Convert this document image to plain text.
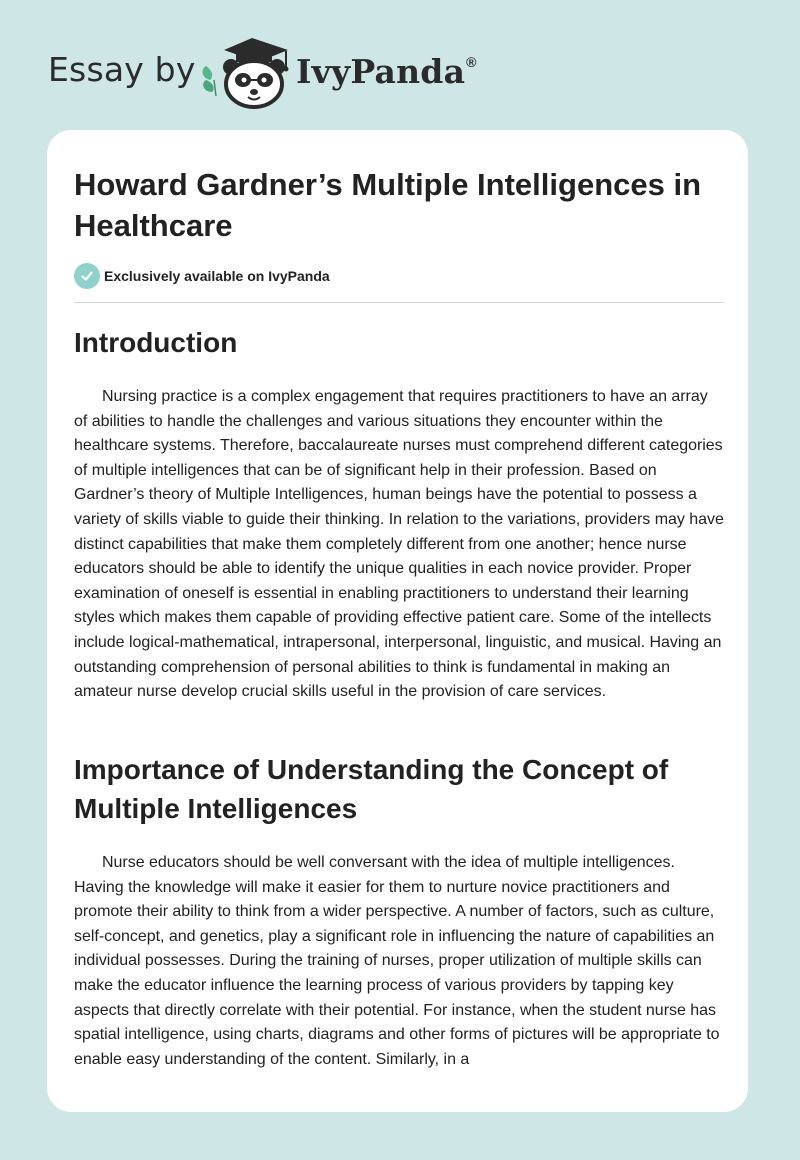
Essay by	IvyPanda®
Howard Gardner’s Multiple Intelligences in Healthcare
Exclusively available on IvyPanda
Introduction

Nursing practice is a complex engagement that requires practitioners to have an array of abilities to handle the challenges and various situations they encounter within the healthcare systems. Therefore, baccalaureate nurses must comprehend different categories of multiple intelligences that can be of significant help in their profession. Based on Gardner’s theory of Multiple Intelligences, human beings have the potential to possess a variety of skills viable to guide their thinking. In relation to the variations, providers may have distinct capabilities that make them completely different from one another; hence nurse educators should be able to identify the unique qualities in each novice provider. Proper examination of oneself is essential in enabling practitioners to understand their learning styles which makes them capable of providing effective patient care. Some of the intellects include logical-mathematical, intrapersonal, interpersonal, linguistic, and musical. Having an outstanding comprehension of personal abilities to think is fundamental in making an amateur nurse develop crucial skills useful in the provision of care services.

Importance of Understanding the Concept of Multiple Intelligences

Nurse educators should be well conversant with the idea of multiple intelligences. Having the knowledge will make it easier for them to nurture novice practitioners and promote their ability to think from a wider perspective. A number of factors, such as culture, self-concept, and genetics, play a significant role in influencing the nature of capabilities an individual possesses. During the training of nurses, proper utilization of multiple skills can make the educator influence the learning process of various providers by tapping key aspects that directly correlate with their potential. For instance, when the student nurse has spatial intelligence, using charts, diagrams and other forms of pictures will be appropriate to enable easy understanding of the content. Similarly, in a
